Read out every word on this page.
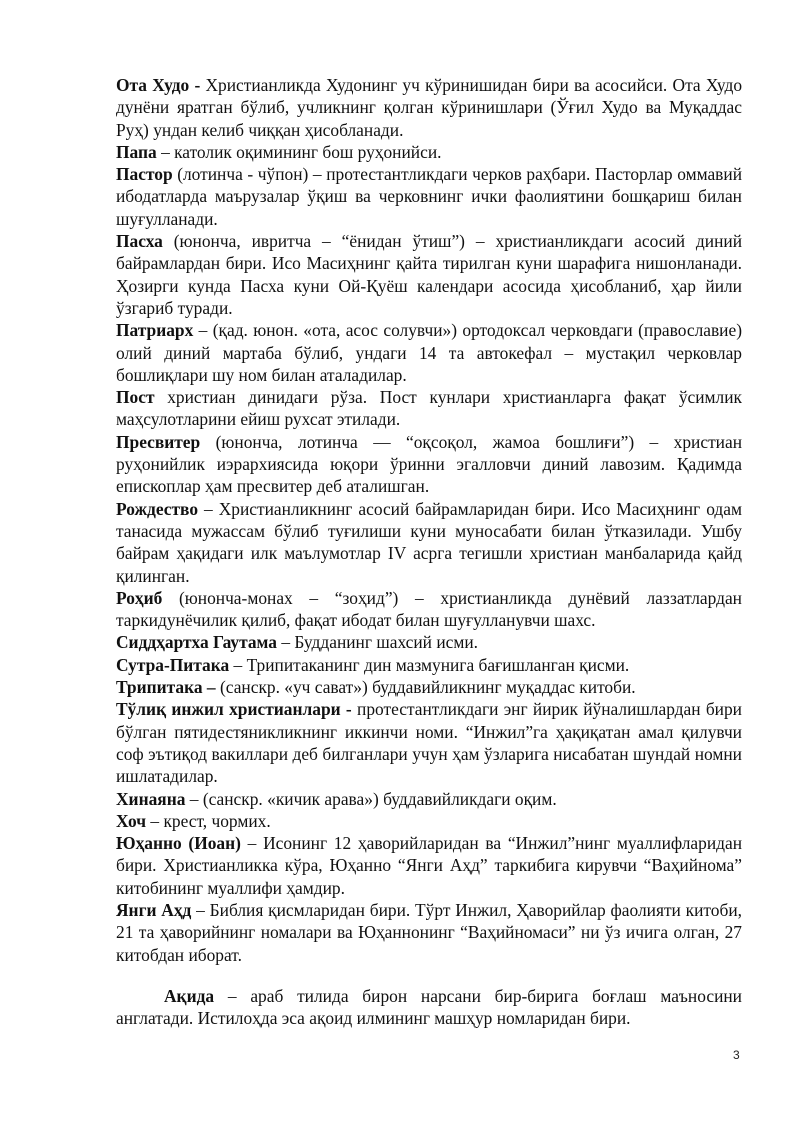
Ота Худо - Христианликда Худонинг уч кўринишидан бири ва асосийси. Ота Худо дунёни яратган бўлиб, учликнинг қолган кўринишлари (Ўғил Худо ва Муқаддас Руҳ) ундан келиб чиққан ҳисобланади.

Папа – католик оқимининг бош руҳонийси.

Пастор (лотинча - чўпон) – протестантликдаги черков раҳбари. Пасторлар оммавий ибодатларда маърузалар ўқиш ва черковнинг ички фаолиятини бошқариш билан шуғулланади.

Пасха (юнонча, ивритча – “ёнидан ўтиш”) – христианликдаги асосий диний байрамлардан бири. Исо Масиҳнинг қайта тирилган куни шарафига нишонланади. Ҳозирги кунда Пасха куни Ой-Қуёш календари асосида ҳисобланиб, ҳар йили ўзгариб туради.

Патриарх – (қад. юнон. «ота, асос солувчи») ортодоксал черковдаги (православие) олий диний мартаба бўлиб, ундаги 14 та автокефал – мустақил черковлар бошлиқлари шу ном билан аталадилар.

Пост христиан динидаги рўза. Пост кунлари христианларга фақат ўсимлик маҳсулотларини ейиш рухсат этилади.

Пресвитер (юнонча, лотинча — “оқсоқол, жамоа бошлиғи”) – христиан руҳонийлик иэрархиясида юқори ўринни эгалловчи диний лавозим. Қадимда епископлар ҳам пресвитер деб аталишган.

Рождество – Христианликнинг асосий байрамларидан бири. Исо Масиҳнинг одам танасида мужассам бўлиб туғилиши куни муносабати билан ўтказилади. Ушбу байрам ҳақидаги илк маълумотлар IV асрга тегишли христиан манбаларида қайд қилинган.

Роҳиб (юнонча-монах – “зоҳид”) – христианликда дунёвий лаззатлардан таркидунёчилик қилиб, фақат ибодат билан шуғулланувчи шахс.

Сиддҳартха Гаутама – Будданинг шахсий исми.

Сутра-Питака – Трипитаканинг дин мазмунига бағишланган қисми.

Трипитака – (санскр. «уч сават») буддавийликнинг муқаддас китоби.

Тўлиқ инжил христианлари - протестантликдаги энг йирик йўналишлардан бири бўлган пятидестяникликнинг иккинчи номи. “Инжил”га ҳақиқатан амал қилувчи соф эътиқод вакиллари деб билганлари учун ҳам ўзларига нисабатан шундай номни ишлатадилар.

Хинаяна – (санскр. «кичик арава») буддавийликдаги оқим.

Хоч – крест, чормих.

Юҳанно (Иоан) – Исонинг 12 ҳаворийларидан ва “Инжил”нинг муаллифларидан бири. Христианликка кўра, Юҳанно “Янги Аҳд” таркибига кирувчи “Ваҳийнома” китобининг муаллифи ҳамдир.

Янги Аҳд – Библия қисмларидан бири. Тўрт Инжил, Ҳаворийлар фаолияти китоби, 21 та ҳаворийнинг номалари ва Юҳаннонинг “Ваҳийномаси” ни ўз ичига олган, 27 китобдан иборат.

Ақида – араб тилида бирон нарсани бир-бирига боғлаш маъносини англатади. Истилоҳда эса ақоид илмининг машҳур номларидан бири.

3
